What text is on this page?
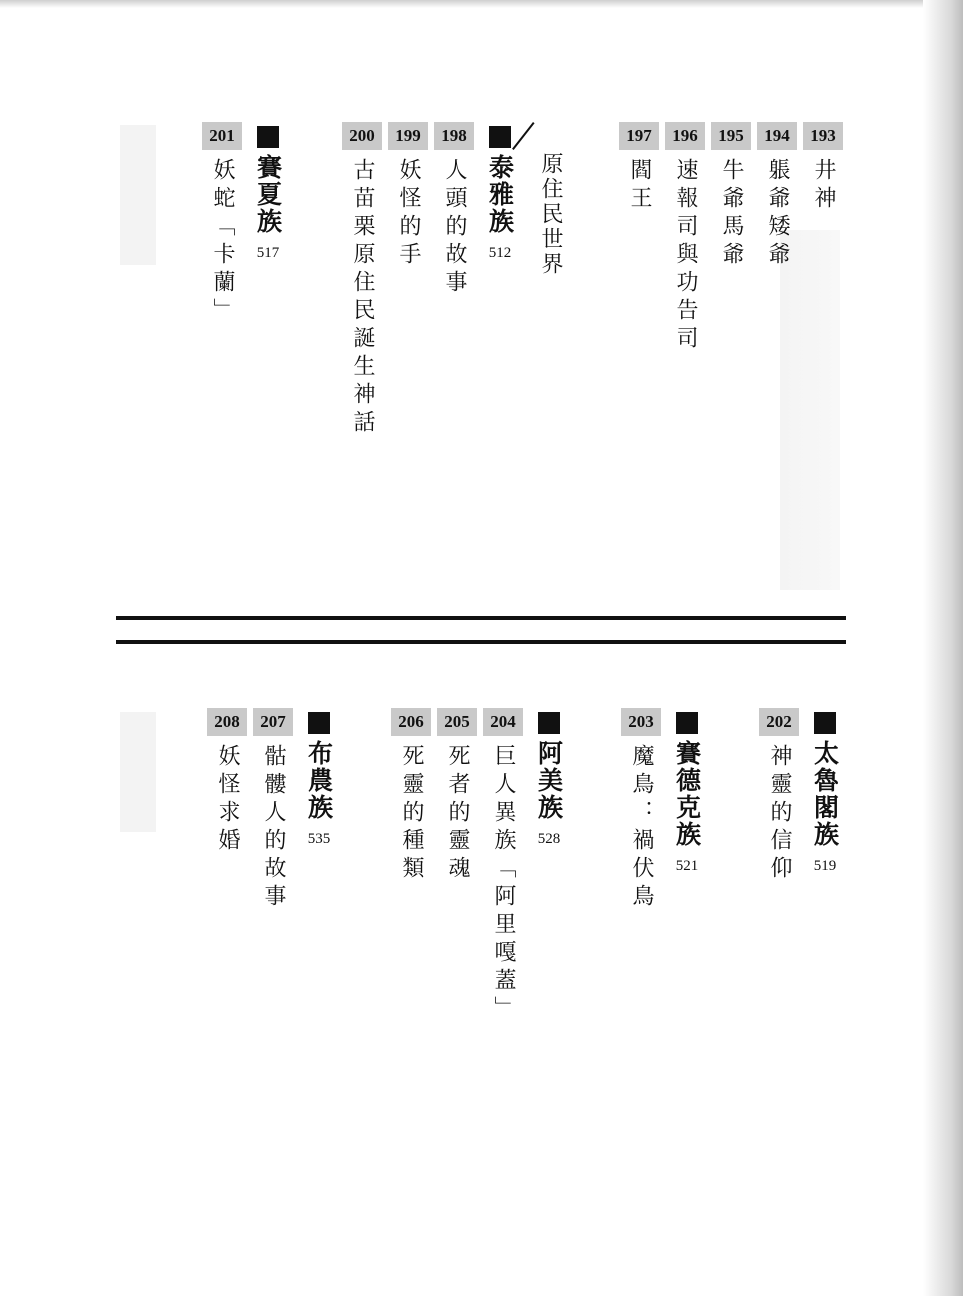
193
井神
194
躼爺矮爺
195
牛爺馬爺
196
速報司與功告司
197
閻王
原住民世界
泰雅族
512
198
人頭的故事
199
妖怪的手
200
古苗栗原住民誕生神話
賽夏族
517
201
妖蛇「卡蘭」
太魯閣族
519
202
神靈的信仰
賽德克族
521
203
魔鳥：禍伏鳥
阿美族
528
204
巨人異族「阿里嘎蓋」
205
死者的靈魂
206
死靈的種類
布農族
535
207
骷髏人的故事
208
妖怪求婚
